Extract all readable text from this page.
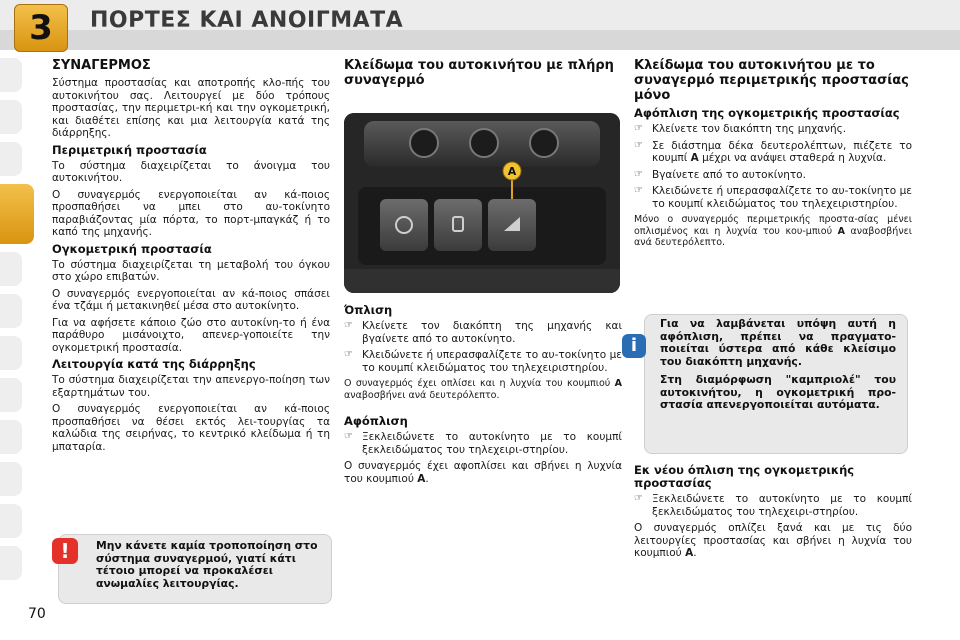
3	ΠΟΡΤΕΣ ΚΑΙ ΑΝΟΙΓΜΑΤΑ
ΣΥΝΑΓΕΡΜΟΣ
Σύστημα προστασίας και αποτροπής κλο-πής του αυτοκινήτου σας. Λειτουργεί με δύο τρόπους προστασίας, την περιμετρι-κή και την ογκομετρική, και διαθέτει επίσης και μια λειτουργία κατά της διάρρηξης.
Περιμετρική προστασία
Το σύστημα διαχειρίζεται το άνοιγμα του αυτοκινήτου.
Ο συναγερμός ενεργοποιείται αν κά-ποιος προσπαθήσει να μπει στο αυ-τοκίνητο παραβιάζοντας μία πόρτα, το πορτ-μπαγκάζ ή το καπό της μηχανής.
Ογκομετρική προστασία
Το σύστημα διαχειρίζεται τη μεταβολή του όγκου στο χώρο επιβατών.
Ο συναγερμός ενεργοποιείται αν κά-ποιος σπάσει ένα τζάμι ή μετακινηθεί μέσα στο αυτοκίνητο.
Για να αφήσετε κάποιο ζώο στο αυτοκίνη-το ή ένα παράθυρο μισάνοιχτο, απενερ-γοποιείτε την ογκομετρική προστασία.
Λειτουργία κατά της διάρρηξης
Το σύστημα διαχειρίζεται την απενεργο-ποίηση των εξαρτημάτων του.
Ο συναγερμός ενεργοποιείται αν κά-ποιος προσπαθήσει να θέσει εκτός λει-τουργίας τα καλώδια της σειρήνας, το κεντρικό κλείδωμα ή τη μπαταρία.
!	Μην κάνετε καμία τροποποίηση στο σύστημα συναγερμού, γιατί κάτι τέτοιο μπορεί να προκαλέσει ανωμαλίες λειτουργίας.
Κλείδωμα του αυτοκινήτου με πλήρη συναγερμό
A
Όπλιση
☞ Κλείνετε τον διακόπτη της μηχανής και βγαίνετε από το αυτοκίνητο.
☞ Κλειδώνετε ή υπερασφαλίζετε το αυ-τοκίνητο με το κουμπί κλειδώματος του τηλεχειριστηρίου.
Ο συναγερμός έχει οπλίσει και η λυχνία του κουμπιού A αναβοσβήνει ανά δευτερόλεπτο.
Αφόπλιση
☞ Ξεκλειδώνετε το αυτοκίνητο με το κουμπί ξεκλειδώματος του τηλεχειρι-στηρίου.
Ο συναγερμός έχει αφοπλίσει και σβήνει η λυχνία του κουμπιού A.
Κλείδωμα του αυτοκινήτου με το συναγερμό περιμετρικής προστασίας μόνο
Αφόπλιση της ογκομετρικής προστασίας
☞ Κλείνετε τον διακόπτη της μηχανής.
☞ Σε διάστημα δέκα δευτερολέπτων, πιέζετε το κουμπί A μέχρι να ανάψει σταθερά η λυχνία.
☞ Βγαίνετε από το αυτοκίνητο.
☞ Κλειδώνετε ή υπερασφαλίζετε το αυ-τοκίνητο με το κουμπί κλειδώματος του τηλεχειριστηρίου.
Μόνο ο συναγερμός περιμετρικής προστα-σίας μένει οπλισμένος και η λυχνία του κου-μπιού A αναβοσβήνει ανά δευτερόλεπτο.
i
Για να λαμβάνεται υπόψη αυτή η αφόπλιση, πρέπει να πραγματο-ποιείται ύστερα από κάθε κλείσιμο του διακόπτη μηχανής.
Στη διαμόρφωση "καμπριολέ" του αυτοκινήτου, η ογκομετρική προ-στασία απενεργοποιείται αυτόματα.
Εκ νέου όπλιση της ογκομετρικής προστασίας
☞ Ξεκλειδώνετε το αυτοκίνητο με το κουμπί ξεκλειδώματος του τηλεχειρι-στηρίου.
Ο συναγερμός οπλίζει ξανά και με τις δύο λειτουργίες προστασίας και σβήνει η λυχνία του κουμπιού A.
70
